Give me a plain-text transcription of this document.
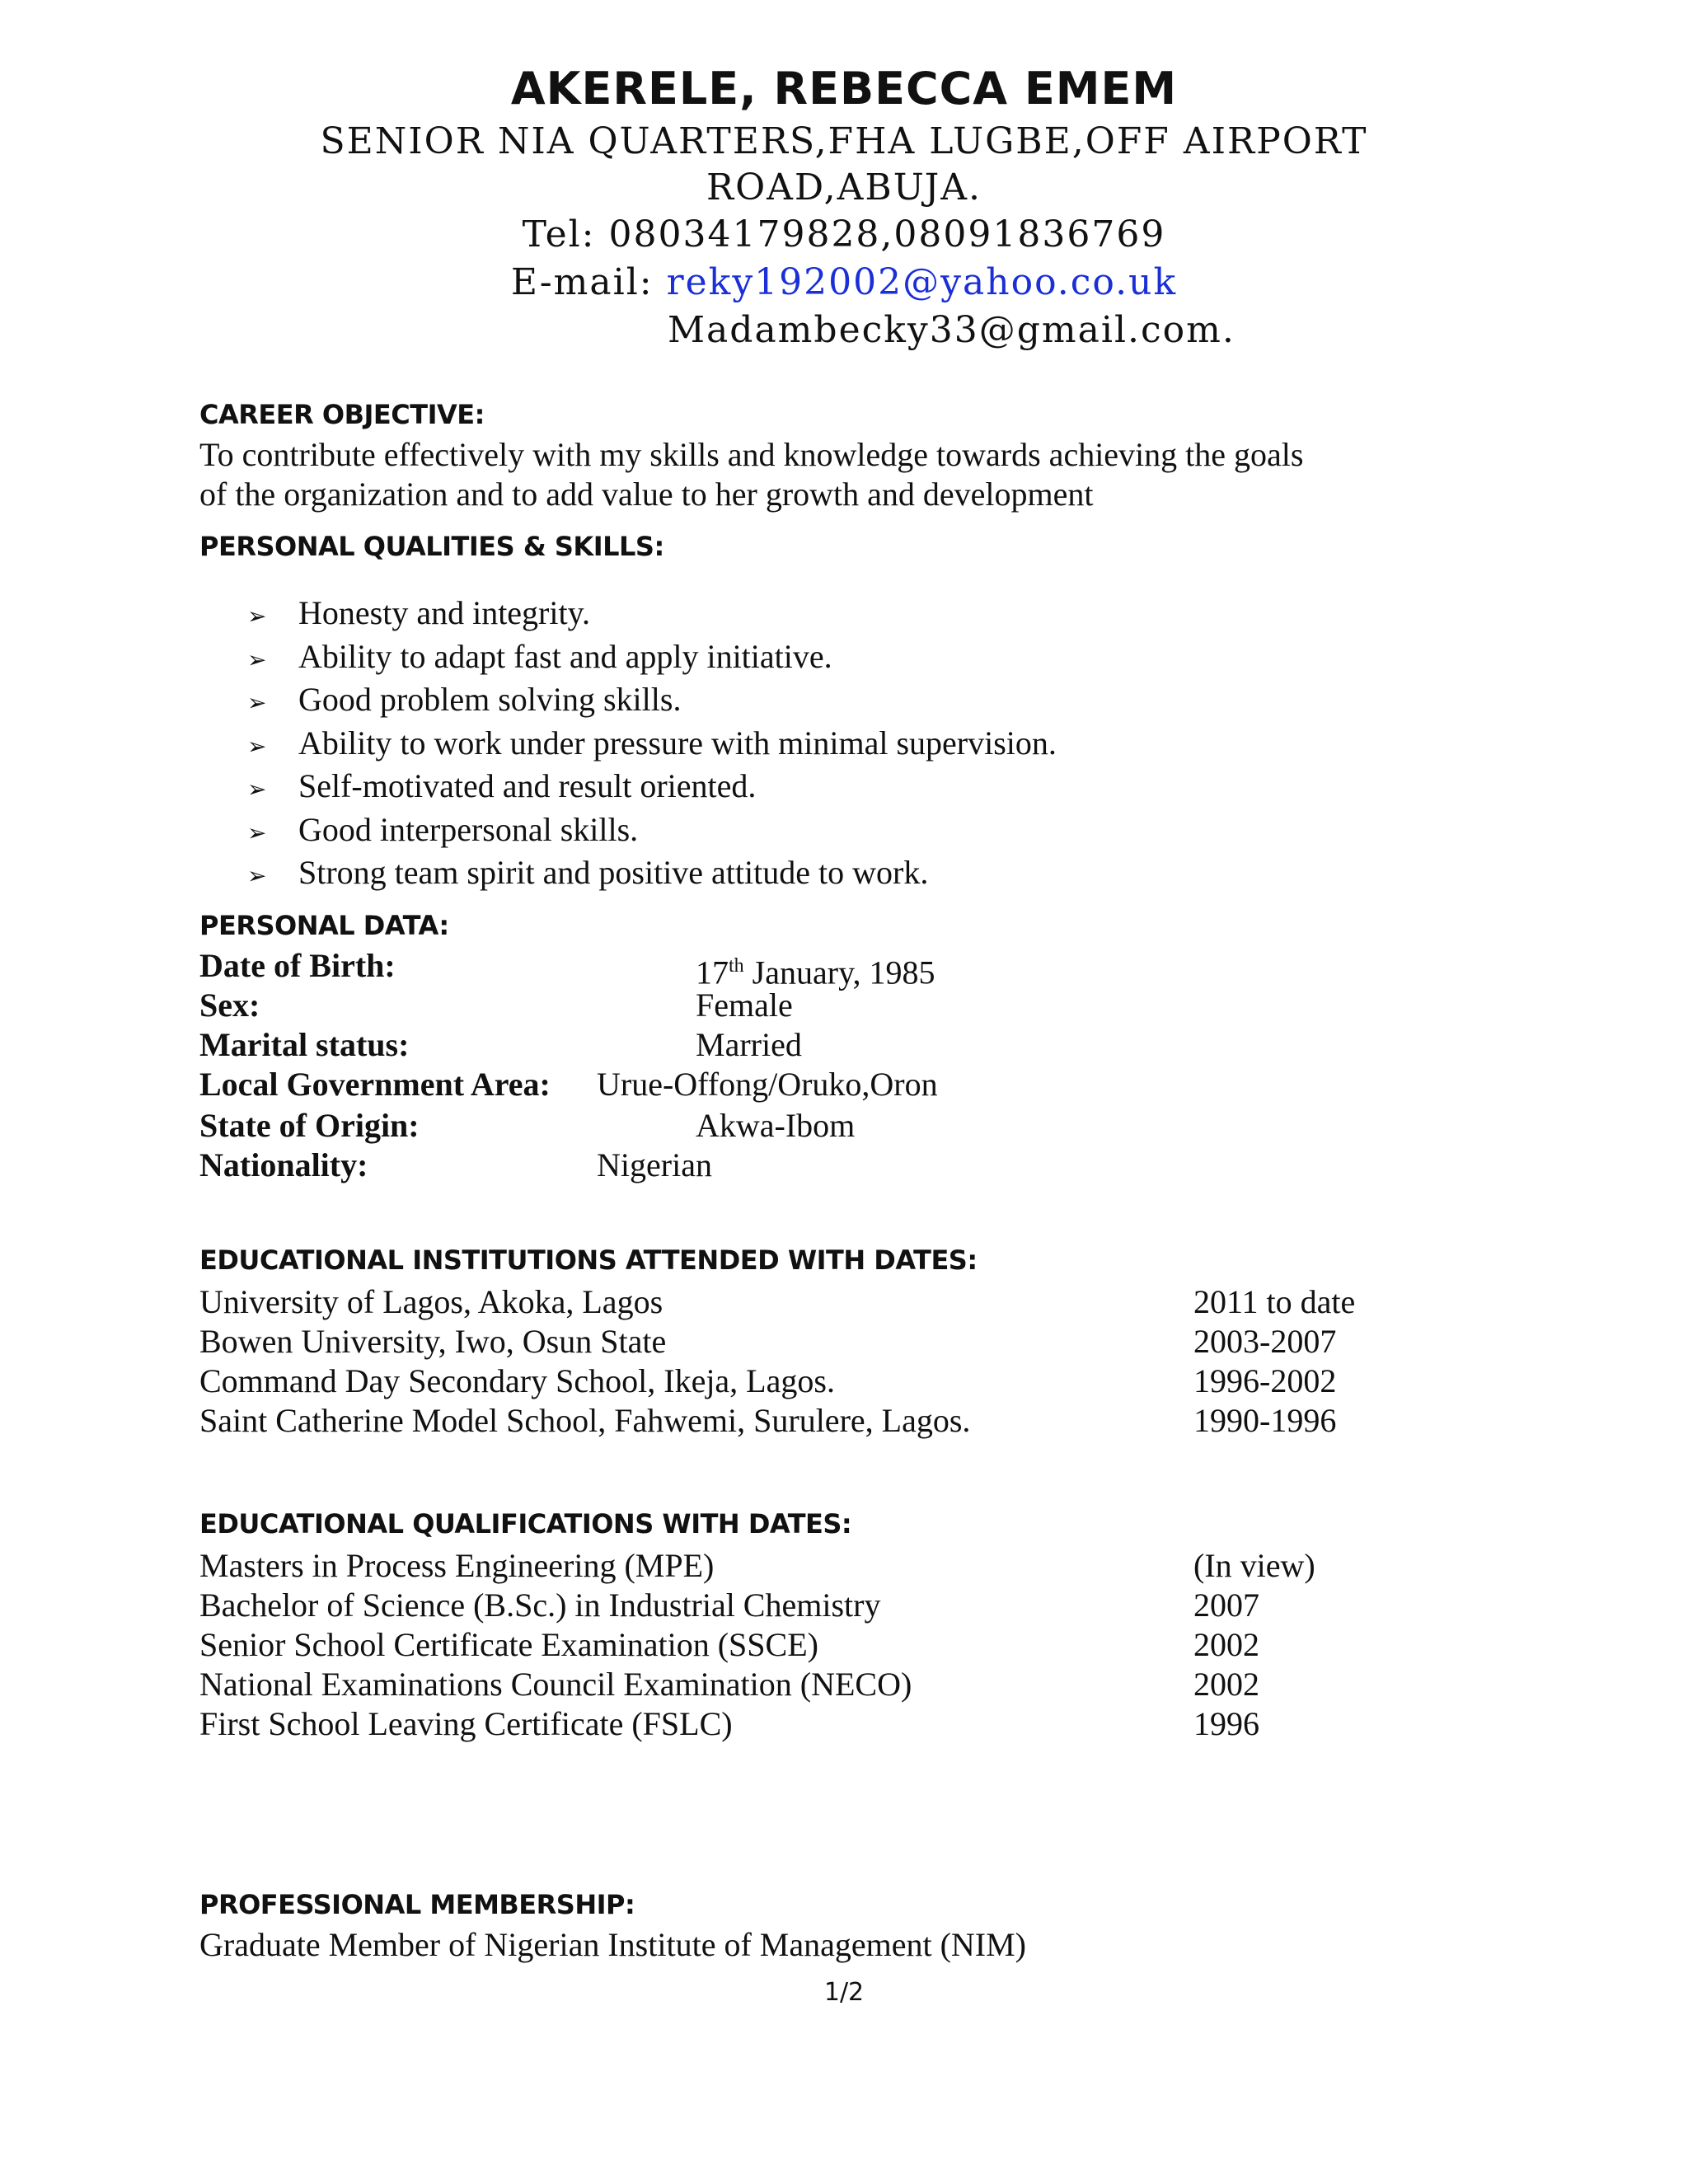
AKERELE, REBECCA EMEM
SENIOR NIA QUARTERS,FHA LUGBE,OFF AIRPORT
ROAD,ABUJA.
Tel: 08034179828,08091836769
E-mail: reky192002@yahoo.co.uk
Madambecky33@gmail.com.
CAREER OBJECTIVE:
To contribute effectively with my skills and knowledge towards achieving the goals
of the organization and to add value to her growth and development
PERSONAL QUALITIES & SKILLS:
➢ Honesty and integrity.
➢ Ability to adapt fast and apply initiative.
➢ Good problem solving skills.
➢ Ability to work under pressure with minimal supervision.
➢ Self-motivated and result oriented.
➢ Good interpersonal skills.
➢ Strong team spirit and positive attitude to work.
PERSONAL DATA:
Date of Birth:	17th January, 1985
Sex:	Female
Marital status:	Married
Local Government Area: Urue-Offong/Oruko,Oron
State of Origin:	Akwa-Ibom
Nationality:	Nigerian
EDUCATIONAL INSTITUTIONS ATTENDED WITH DATES:
University of Lagos, Akoka, Lagos	2011 to date
Bowen University, Iwo, Osun State	2003-2007
Command Day Secondary School, Ikeja, Lagos.	1996-2002
Saint Catherine Model School, Fahwemi, Surulere, Lagos.	1990-1996
EDUCATIONAL QUALIFICATIONS WITH DATES:
Masters in Process Engineering (MPE)	(In view)
Bachelor of Science (B.Sc.) in Industrial Chemistry	2007
Senior School Certificate Examination (SSCE)	2002
National Examinations Council Examination (NECO)	2002
First School Leaving Certificate (FSLC)	1996
PROFESSIONAL MEMBERSHIP:
Graduate Member of Nigerian Institute of Management (NIM)
1/2
